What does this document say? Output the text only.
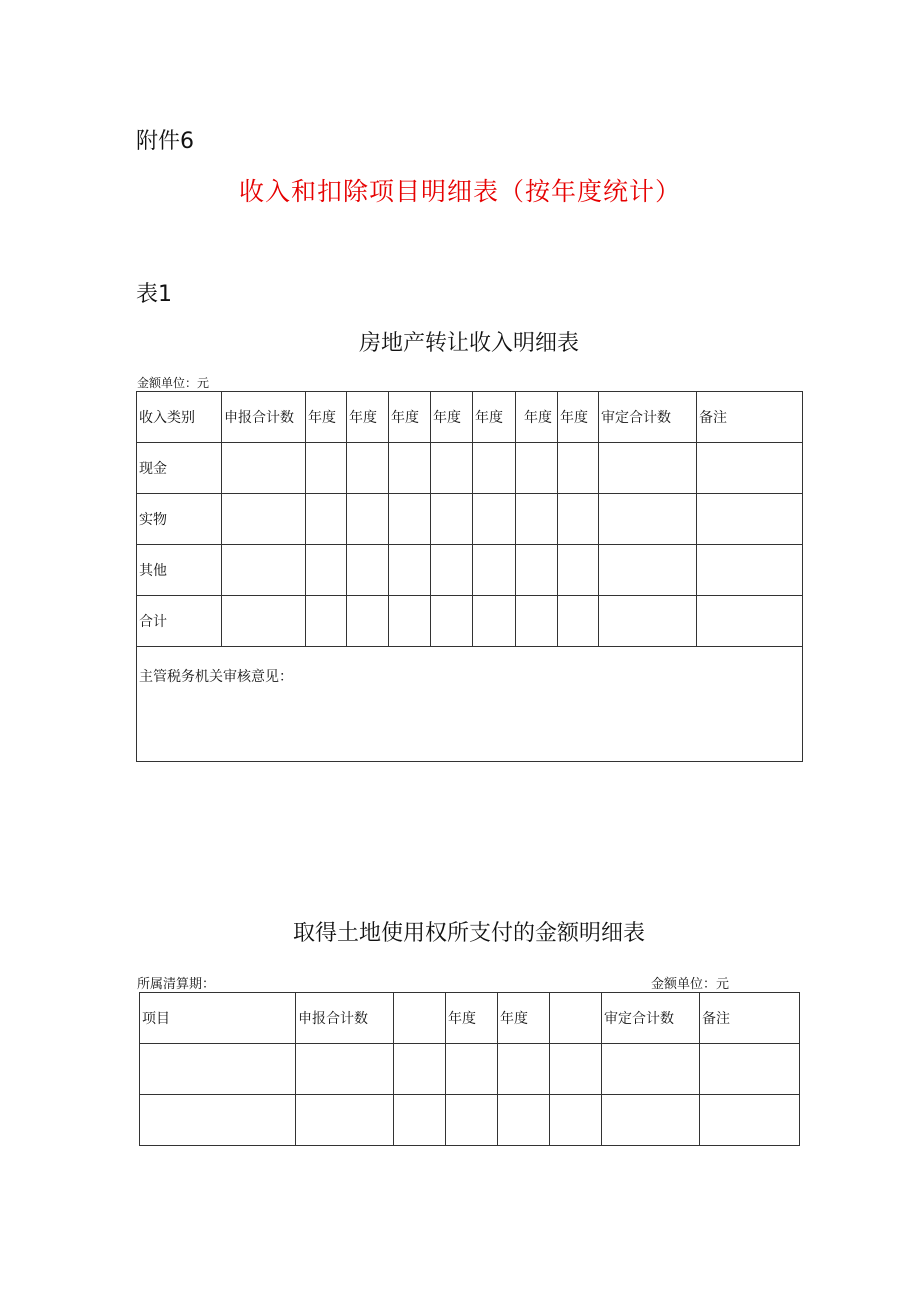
附件6
收入和扣除项目明细表（按年度统计）
表1
房地产转让收入明细表
金额单位：元
收入类别	申报合计数	年度	年度	年度	年度	年度	年度	年度	审定合计数	备注
现金										
实物										
其他										
合计										
主管税务机关审核意见：										
取得土地使用权所支付的金额明细表
所属清算期：	金额单位：元
项目	申报合计数		年度	年度		审定合计数	备注
